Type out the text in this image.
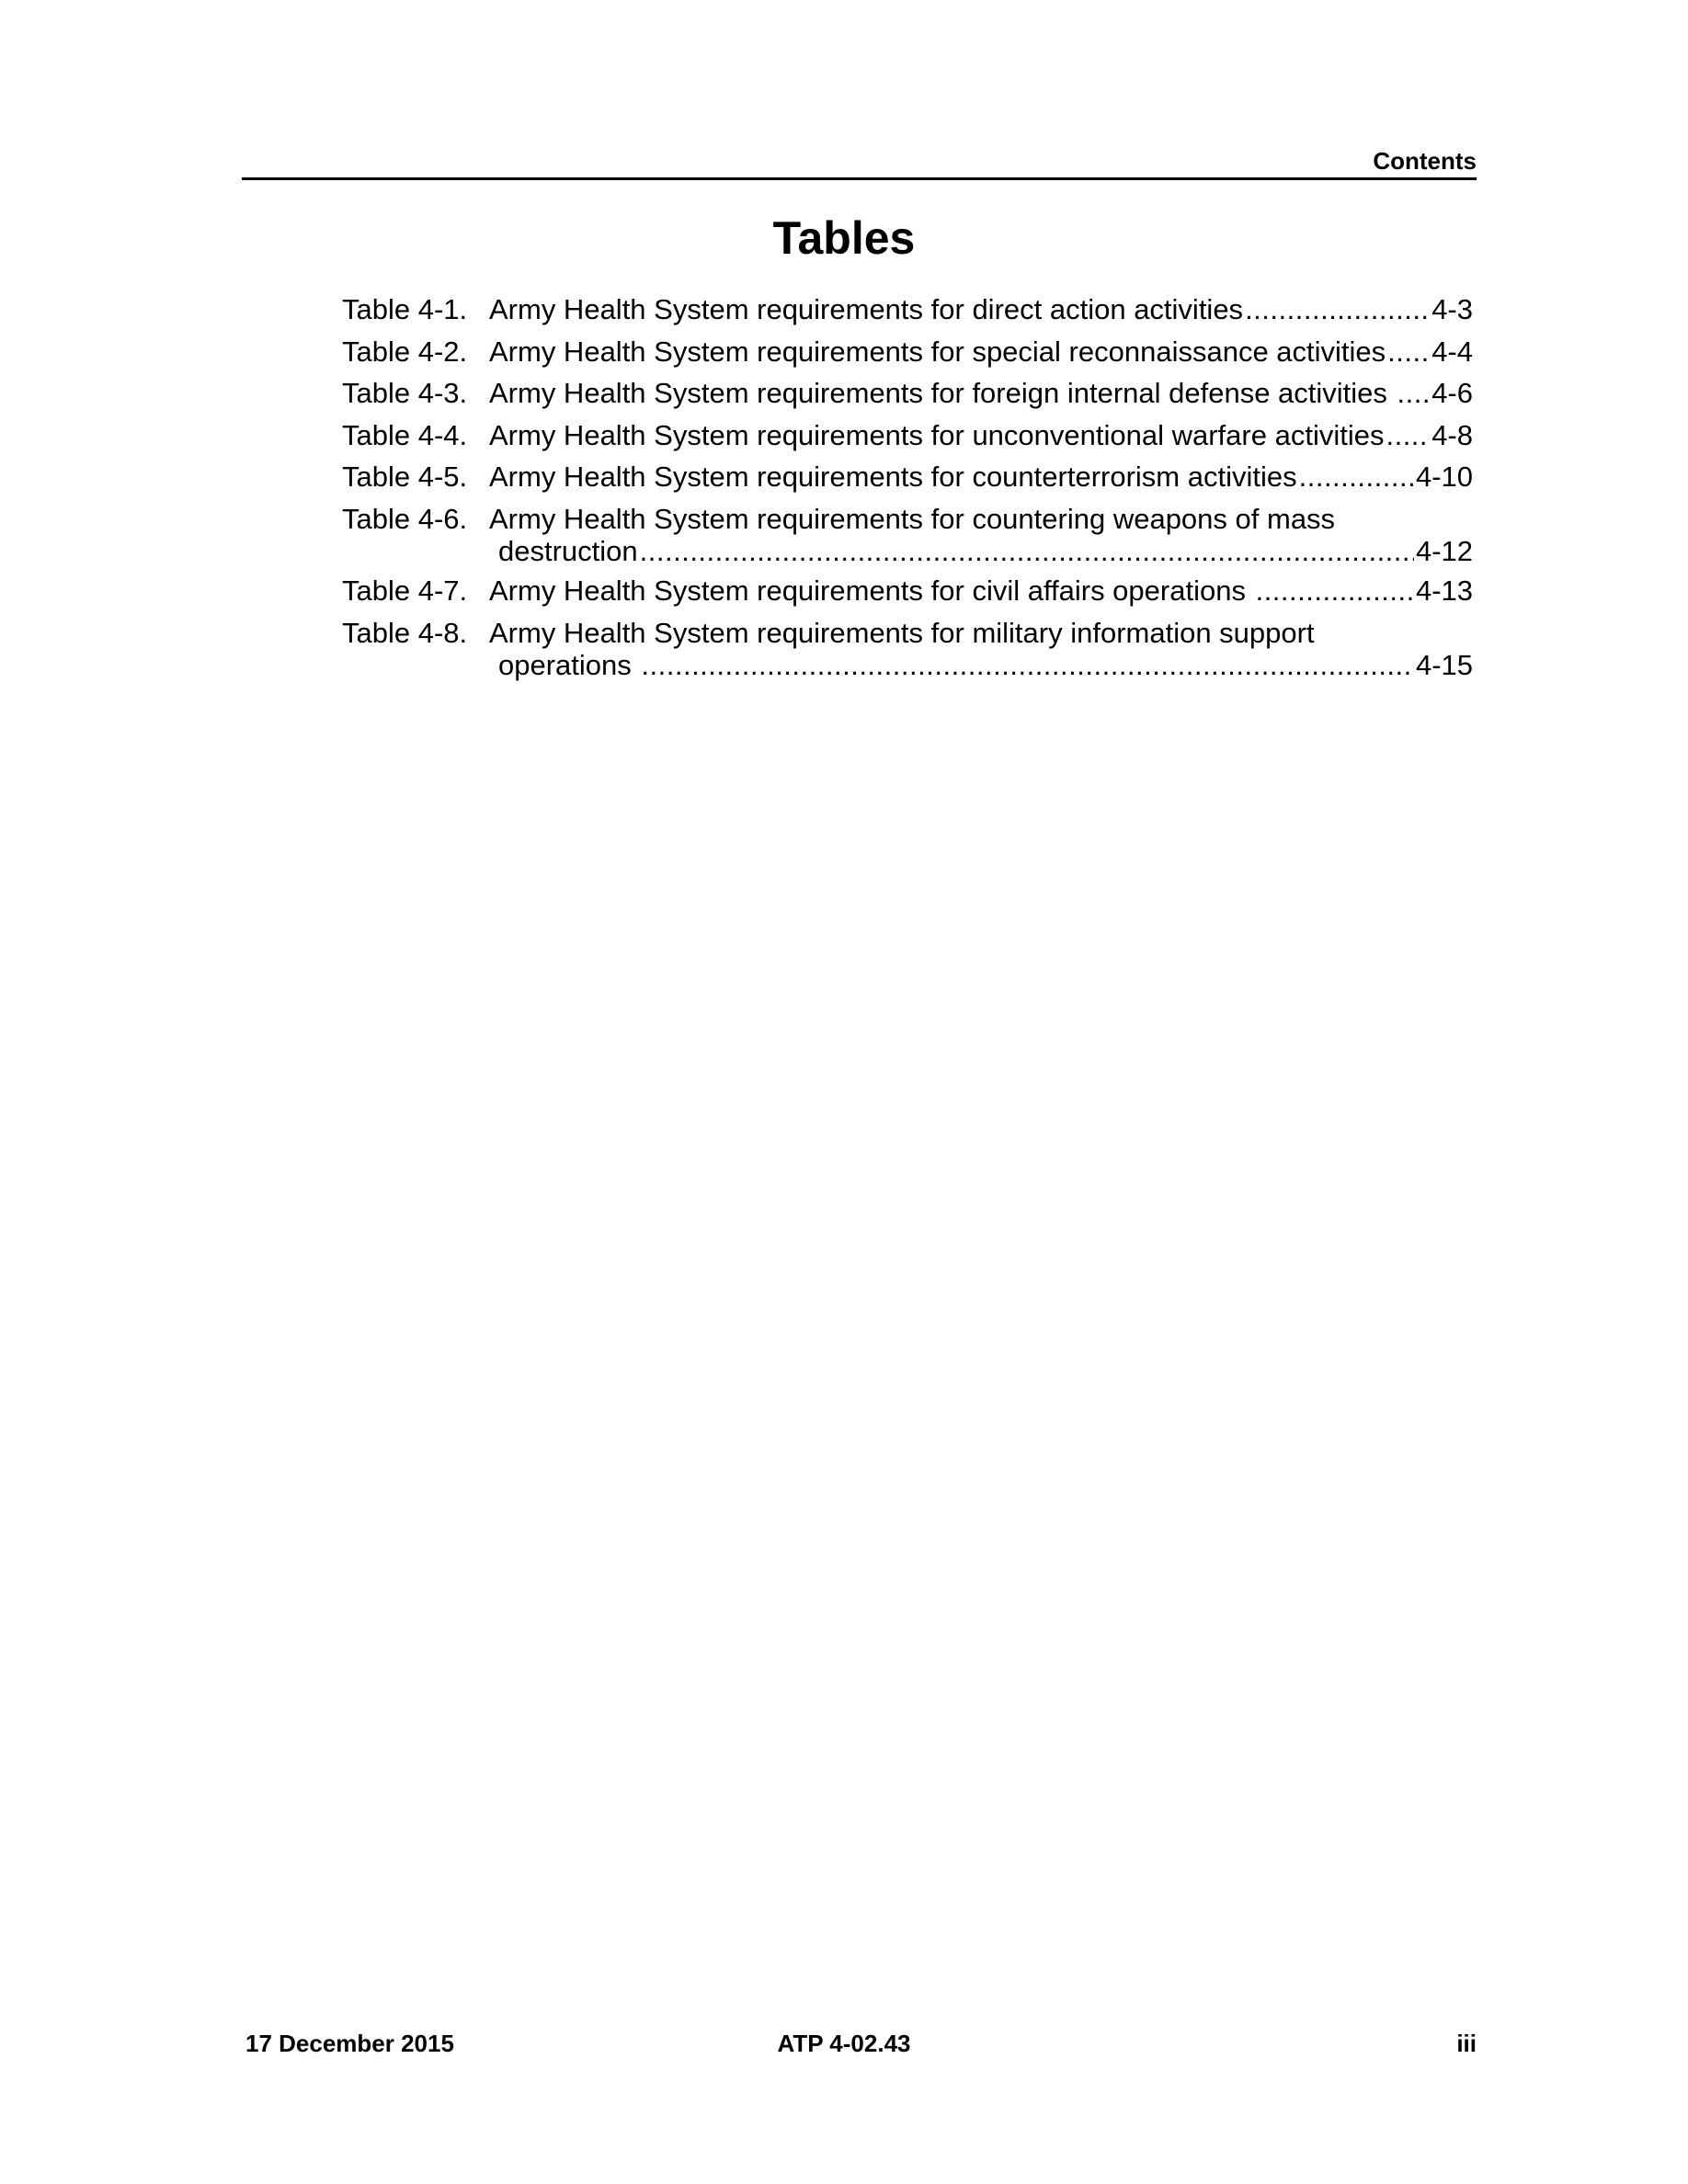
Contents
Tables
Table 4-1. Army Health System requirements for direct action activities .....	4-3
Table 4-2. Army Health System requirements for special reconnaissance activities ..... 4-4
Table 4-3. Army Health System requirements for foreign internal defense activities ..... 4-6
Table 4-4. Army Health System requirements for unconventional warfare activities ..... 4-8
Table 4-5. Army Health System requirements for counterterrorism activities .....	4-10
Table 4-6. Army Health System requirements for countering weapons of mass
destruction .....	4-12
Table 4-7. Army Health System requirements for civil affairs operations .....	4-13
Table 4-8. Army Health System requirements for military information support
operations .....	4-15
17 December 2015	ATP 4-02.43	iii
